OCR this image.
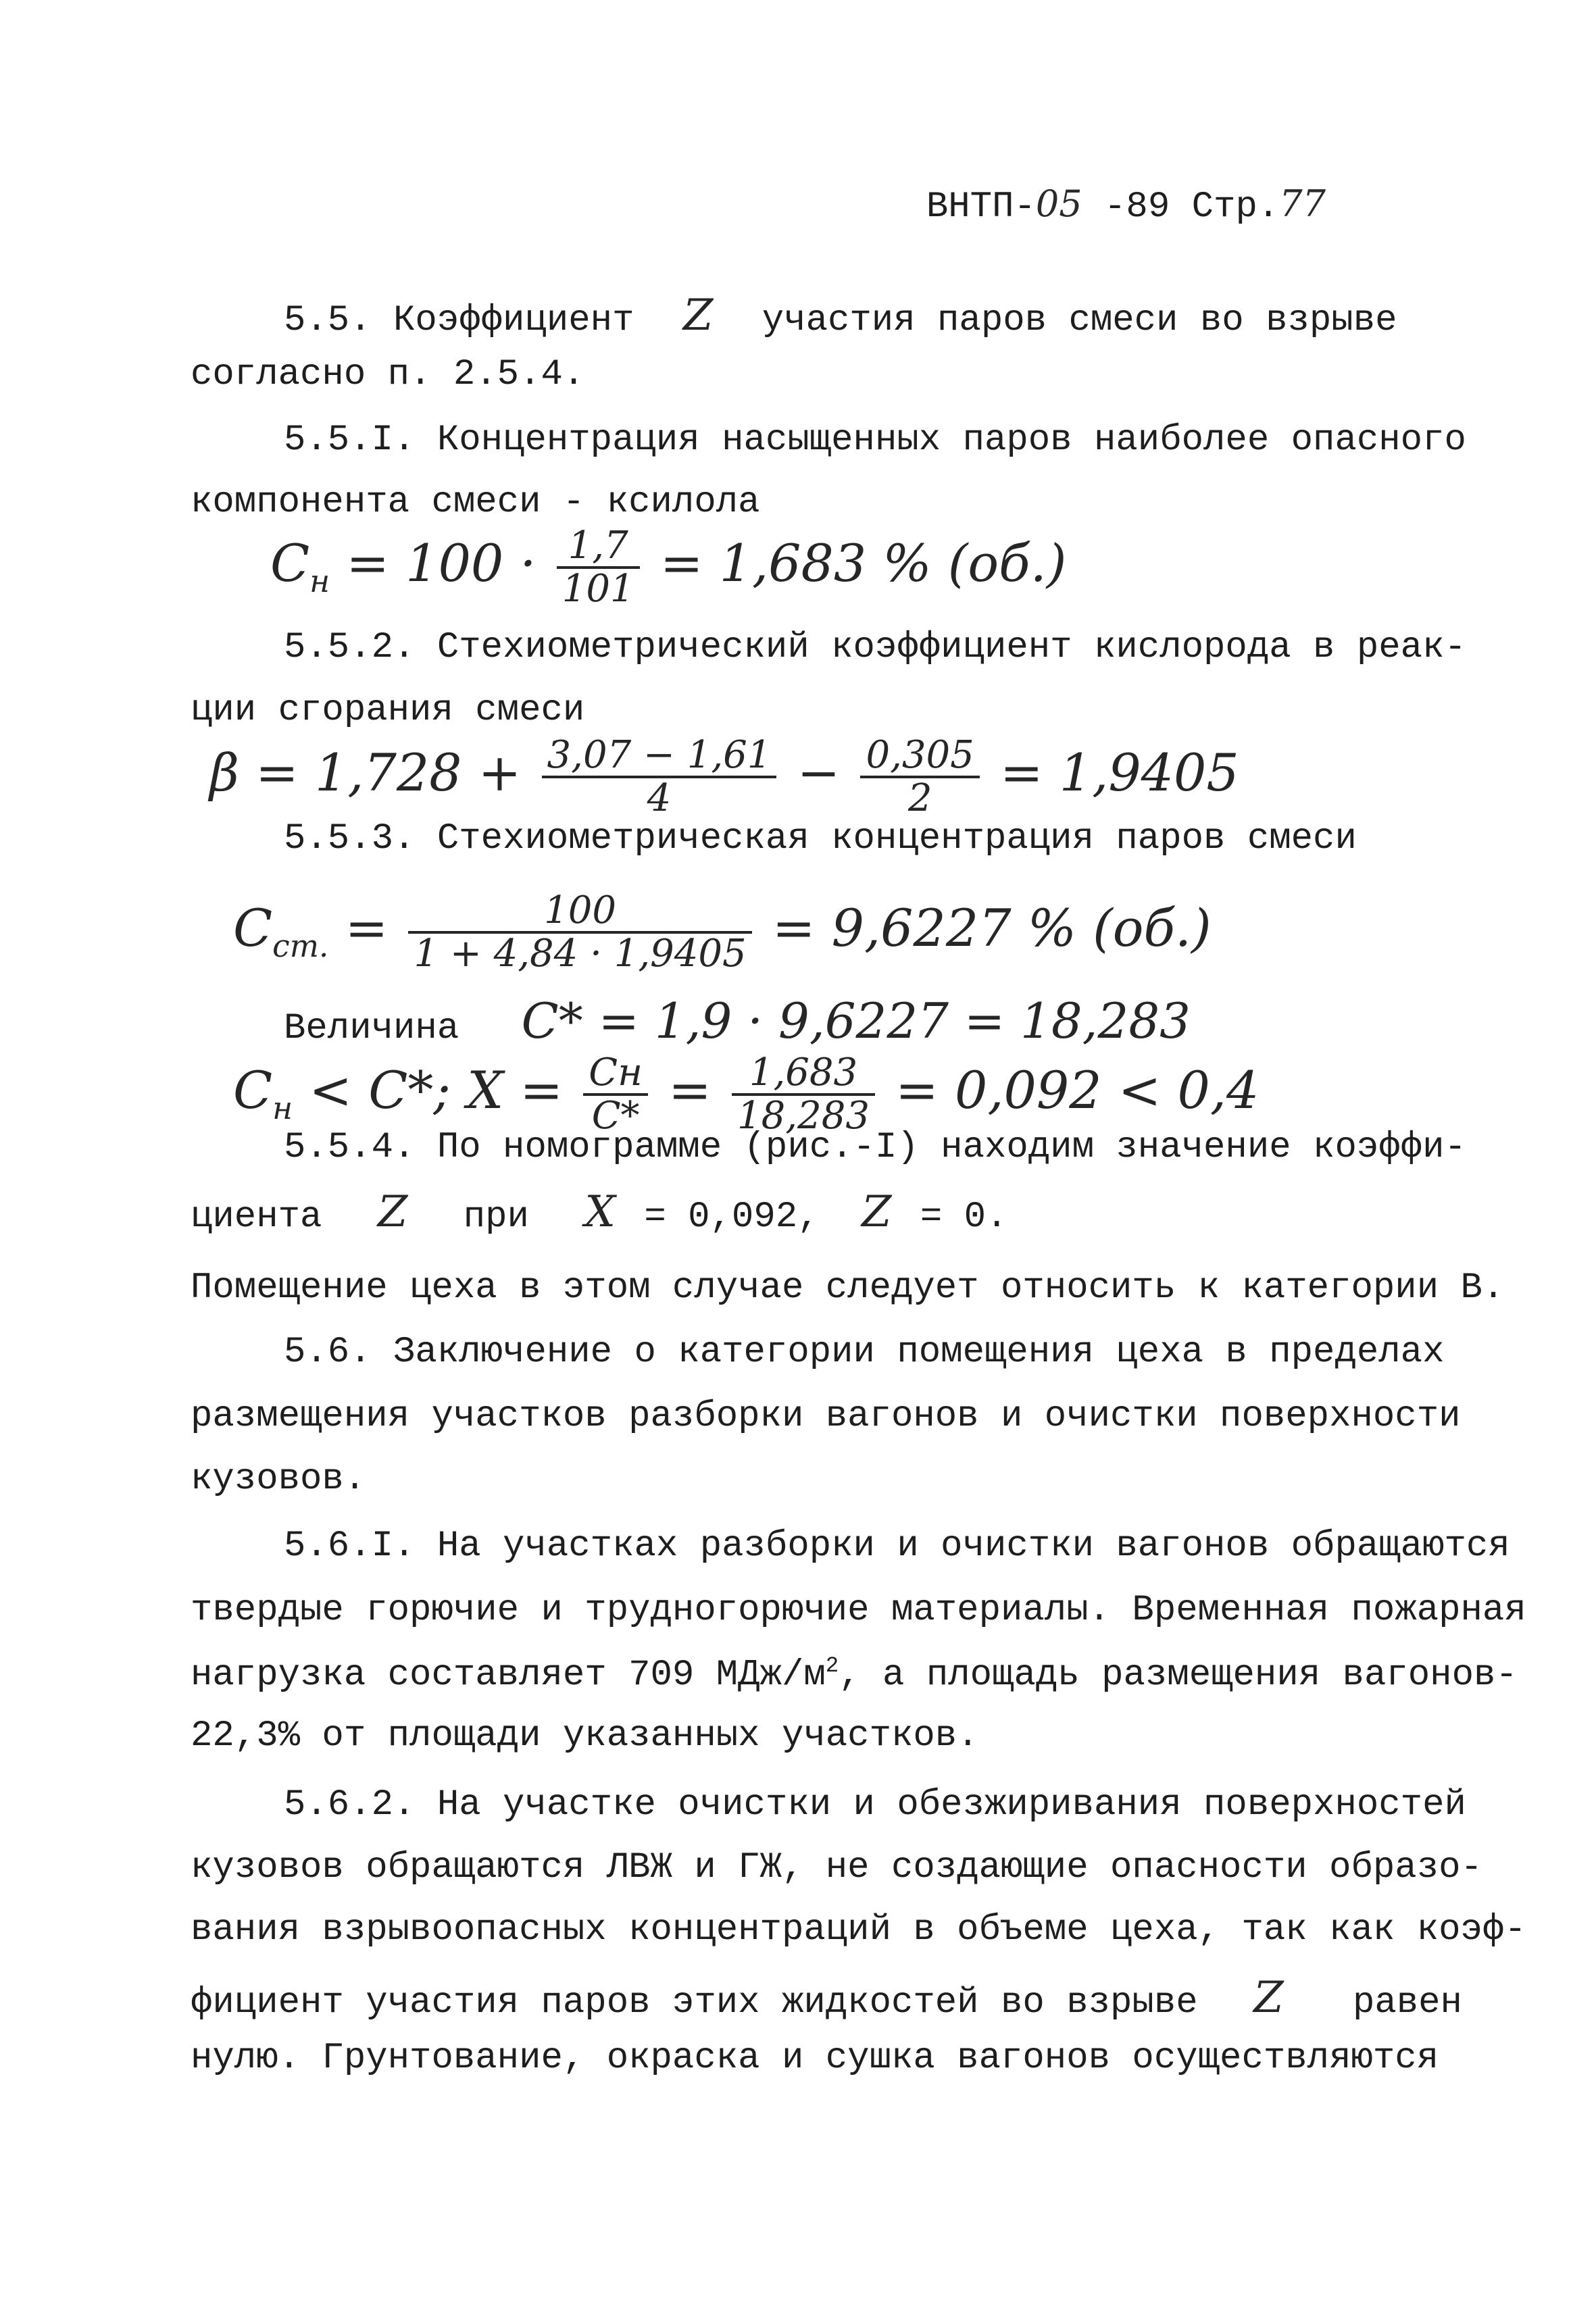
ВНТП-05 -89 Стр.77
5.5. Коэффициент Z участия паров смеси во взрыве
согласно п. 2.5.4.
5.5.I. Концентрация насыщенных паров наиболее опасного
компонента смеси - ксилола
$C_н = 100 \cdot \frac{1,7}{101} = 1,683$ % (об.)
5.5.2. Стехиометрический коэффициент кислорода в реак-
ции сгорания смеси
$\beta = 1,728 + \frac{3,07 - 1,61}{4} - \frac{0,305}{2} = 1,9405$
5.5.3. Стехиометрическая концентрация паров смеси
$C_{ст.} = \frac{100}{1 + 4,84 \cdot 1,9405} = 9,6227$ % (об.)
Величина C* = 1,9 · 9,6227 = 18,283
$C_н < C*$; $X = \frac{Cн}{C*} = \frac{1,683}{18,283} = 0,092 < 0,4$
5.5.4. По номограмме (рис.-I) находим значение коэффи-
циента Z при X = 0,092, Z = 0.
Помещение цеха в этом случае следует относить к категории В.
5.6. Заключение о категории помещения цеха в пределах
размещения участков разборки вагонов и очистки поверхности
кузовов.
5.6.I. На участках разборки и очистки вагонов обращаются
твердые горючие и трудногорючие материалы. Временная пожарная
нагрузка составляет 709 МДж/$м^2$, а площадь размещения вагонов-
22,3% от площади указанных участков.
5.6.2. На участке очистки и обезжиривания поверхностей
кузовов обращаются ЛВЖ и ГЖ, не создающие опасности образо-
вания взрывоопасных концентраций в объеме цеха, так как коэф-
фициент участия паров этих жидкостей во взрыве Z равен
нулю. Грунтование, окраска и сушка вагонов осуществляются
